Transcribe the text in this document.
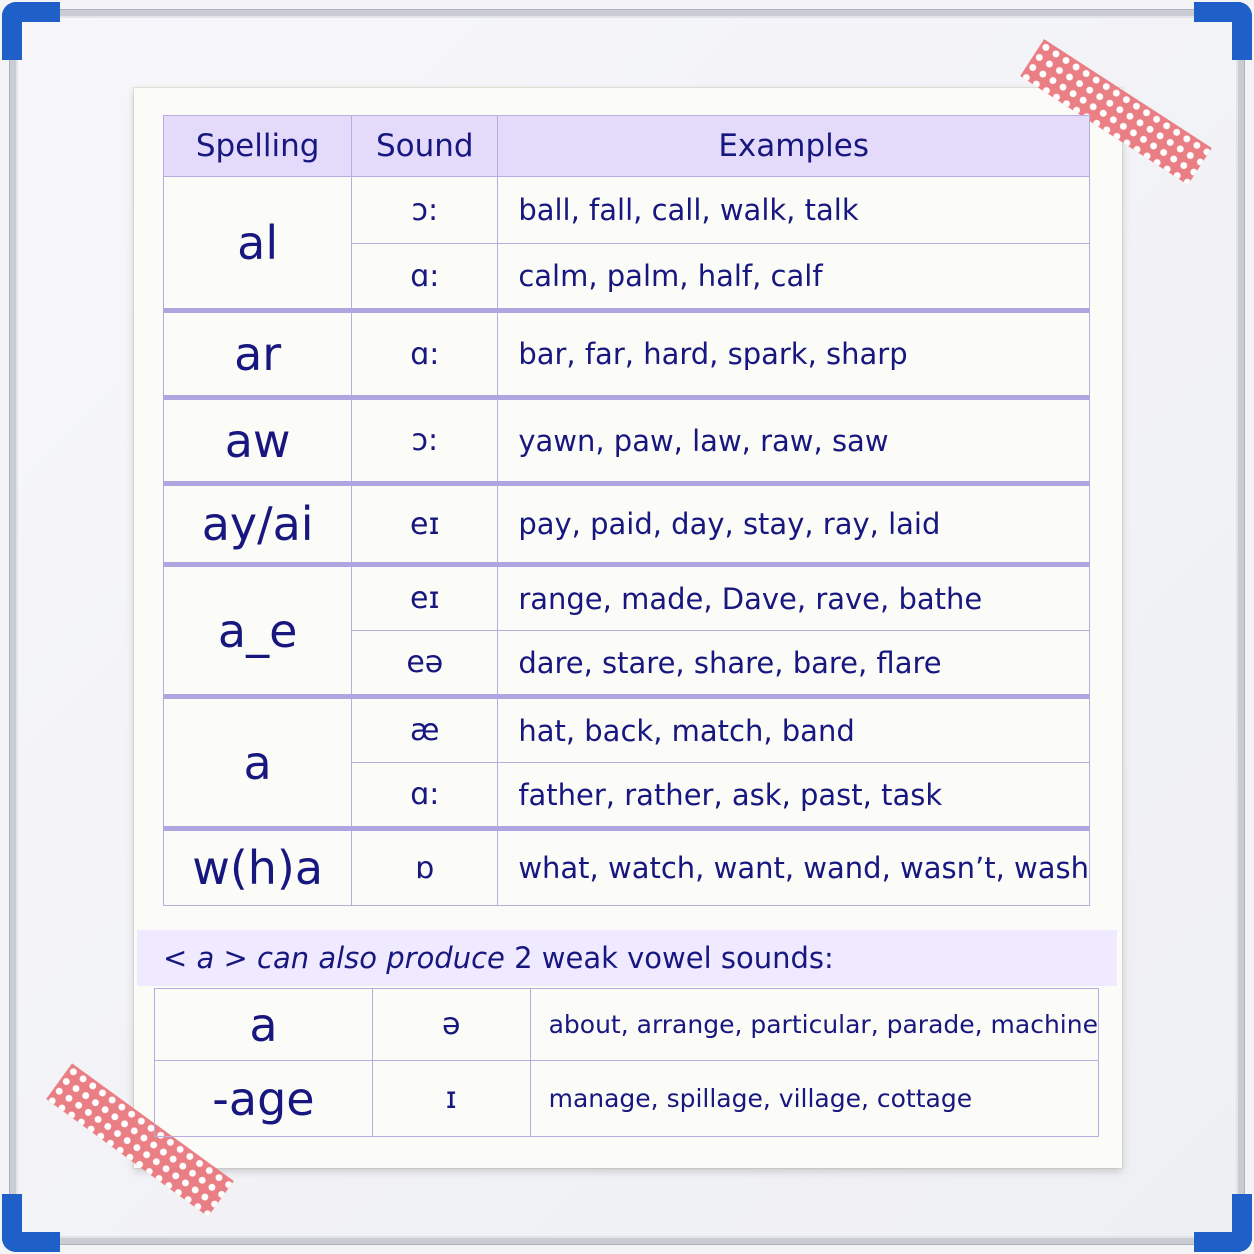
Spelling	Sound	Examples
al	ɔ:	ball, fall, call, walk, talk
	ɑ:	calm, palm, half, calf
ar	ɑ:	bar, far, hard, spark, sharp
aw	ɔ:	yawn, paw, law, raw, saw
ay/ai	eɪ	pay, paid, day, stay, ray, laid
a_e	eɪ	range, made, Dave, rave, bathe
	eə	dare, stare, share, bare, flare
a	æ	hat, back, match, band
	ɑ:	father, rather, ask, past, task
w(h)a	ɒ	what, watch, want, wand, wasn’t, wash
< a > can also produce 2 weak vowel sounds:
a	ə	about, arrange, particular, parade, machine
-age	ɪ	manage, spillage, village, cottage
